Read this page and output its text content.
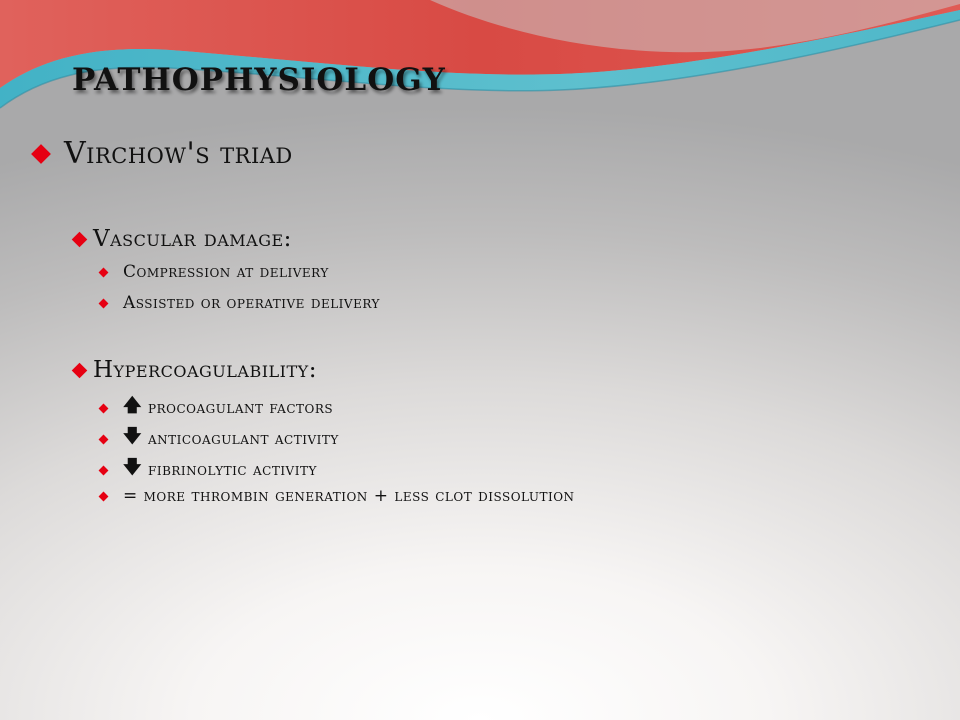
pathophysiology
Virchow's triad
Vascular damage:
Compression at delivery
Assisted or operative delivery
Hypercoagulability:
🡅 procoagulant factors
🡇 anticoagulant activity
🡇 fibrinolytic activity
= more thrombin generation + less clot dissolution
